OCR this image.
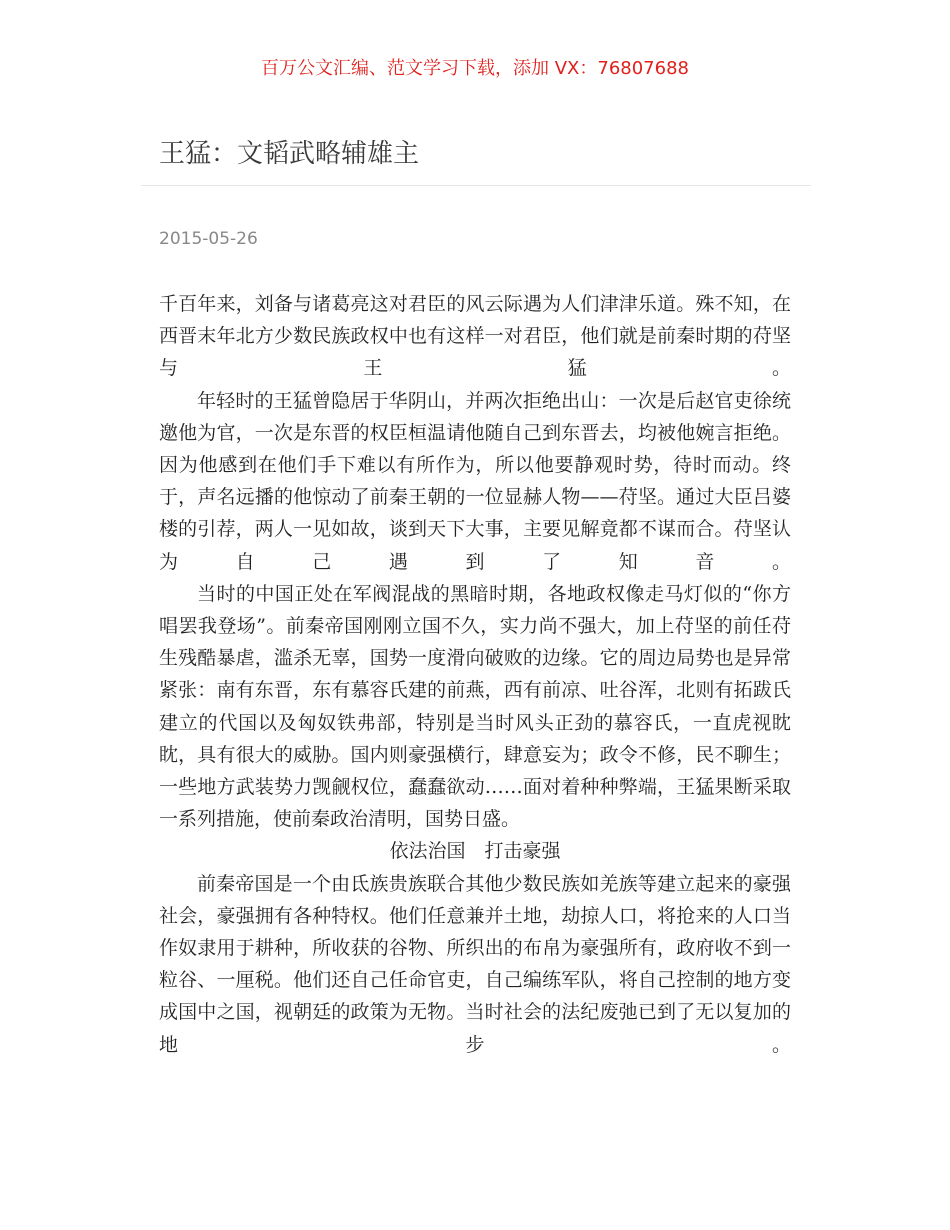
百万公文汇编、范文学习下载，添加 VX：76807688
王猛：文韬武略辅雄主
2015-05-26

千百年来，刘备与诸葛亮这对君臣的风云际遇为人们津津乐道。殊不知，在西晋末年北方少数民族政权中也有这样一对君臣，他们就是前秦时期的苻坚与王猛。

年轻时的王猛曾隐居于华阴山，并两次拒绝出山：一次是后赵官吏徐统邀他为官，一次是东晋的权臣桓温请他随自己到东晋去，均被他婉言拒绝。因为他感到在他们手下难以有所作为，所以他要静观时势，待时而动。终于，声名远播的他惊动了前秦王朝的一位显赫人物——苻坚。通过大臣吕婆楼的引荐，两人一见如故，谈到天下大事，主要见解竟都不谋而合。苻坚认为自己遇到了知音。

当时的中国正处在军阀混战的黑暗时期，各地政权像走马灯似的“你方唱罢我登场”。前秦帝国刚刚立国不久，实力尚不强大，加上苻坚的前任苻生残酷暴虐，滥杀无辜，国势一度滑向破败的边缘。它的周边局势也是异常紧张：南有东晋，东有慕容氏建的前燕，西有前凉、吐谷浑，北则有拓跋氏建立的代国以及匈奴铁弗部，特别是当时风头正劲的慕容氏，一直虎视眈眈，具有很大的威胁。国内则豪强横行，肆意妄为；政令不修，民不聊生；一些地方武装势力觊觎权位，蠢蠢欲动……面对着种种弊端，王猛果断采取一系列措施，使前秦政治清明，国势日盛。

依法治国　打击豪强

前秦帝国是一个由氐族贵族联合其他少数民族如羌族等建立起来的豪强社会，豪强拥有各种特权。他们任意兼并土地，劫掠人口，将抢来的人口当作奴隶用于耕种，所收获的谷物、所织出的布帛为豪强所有，政府收不到一粒谷、一厘税。他们还自己任命官吏，自己编练军队，将自己控制的地方变成国中之国，视朝廷的政策为无物。当时社会的法纪废弛已到了无以复加的地步。
